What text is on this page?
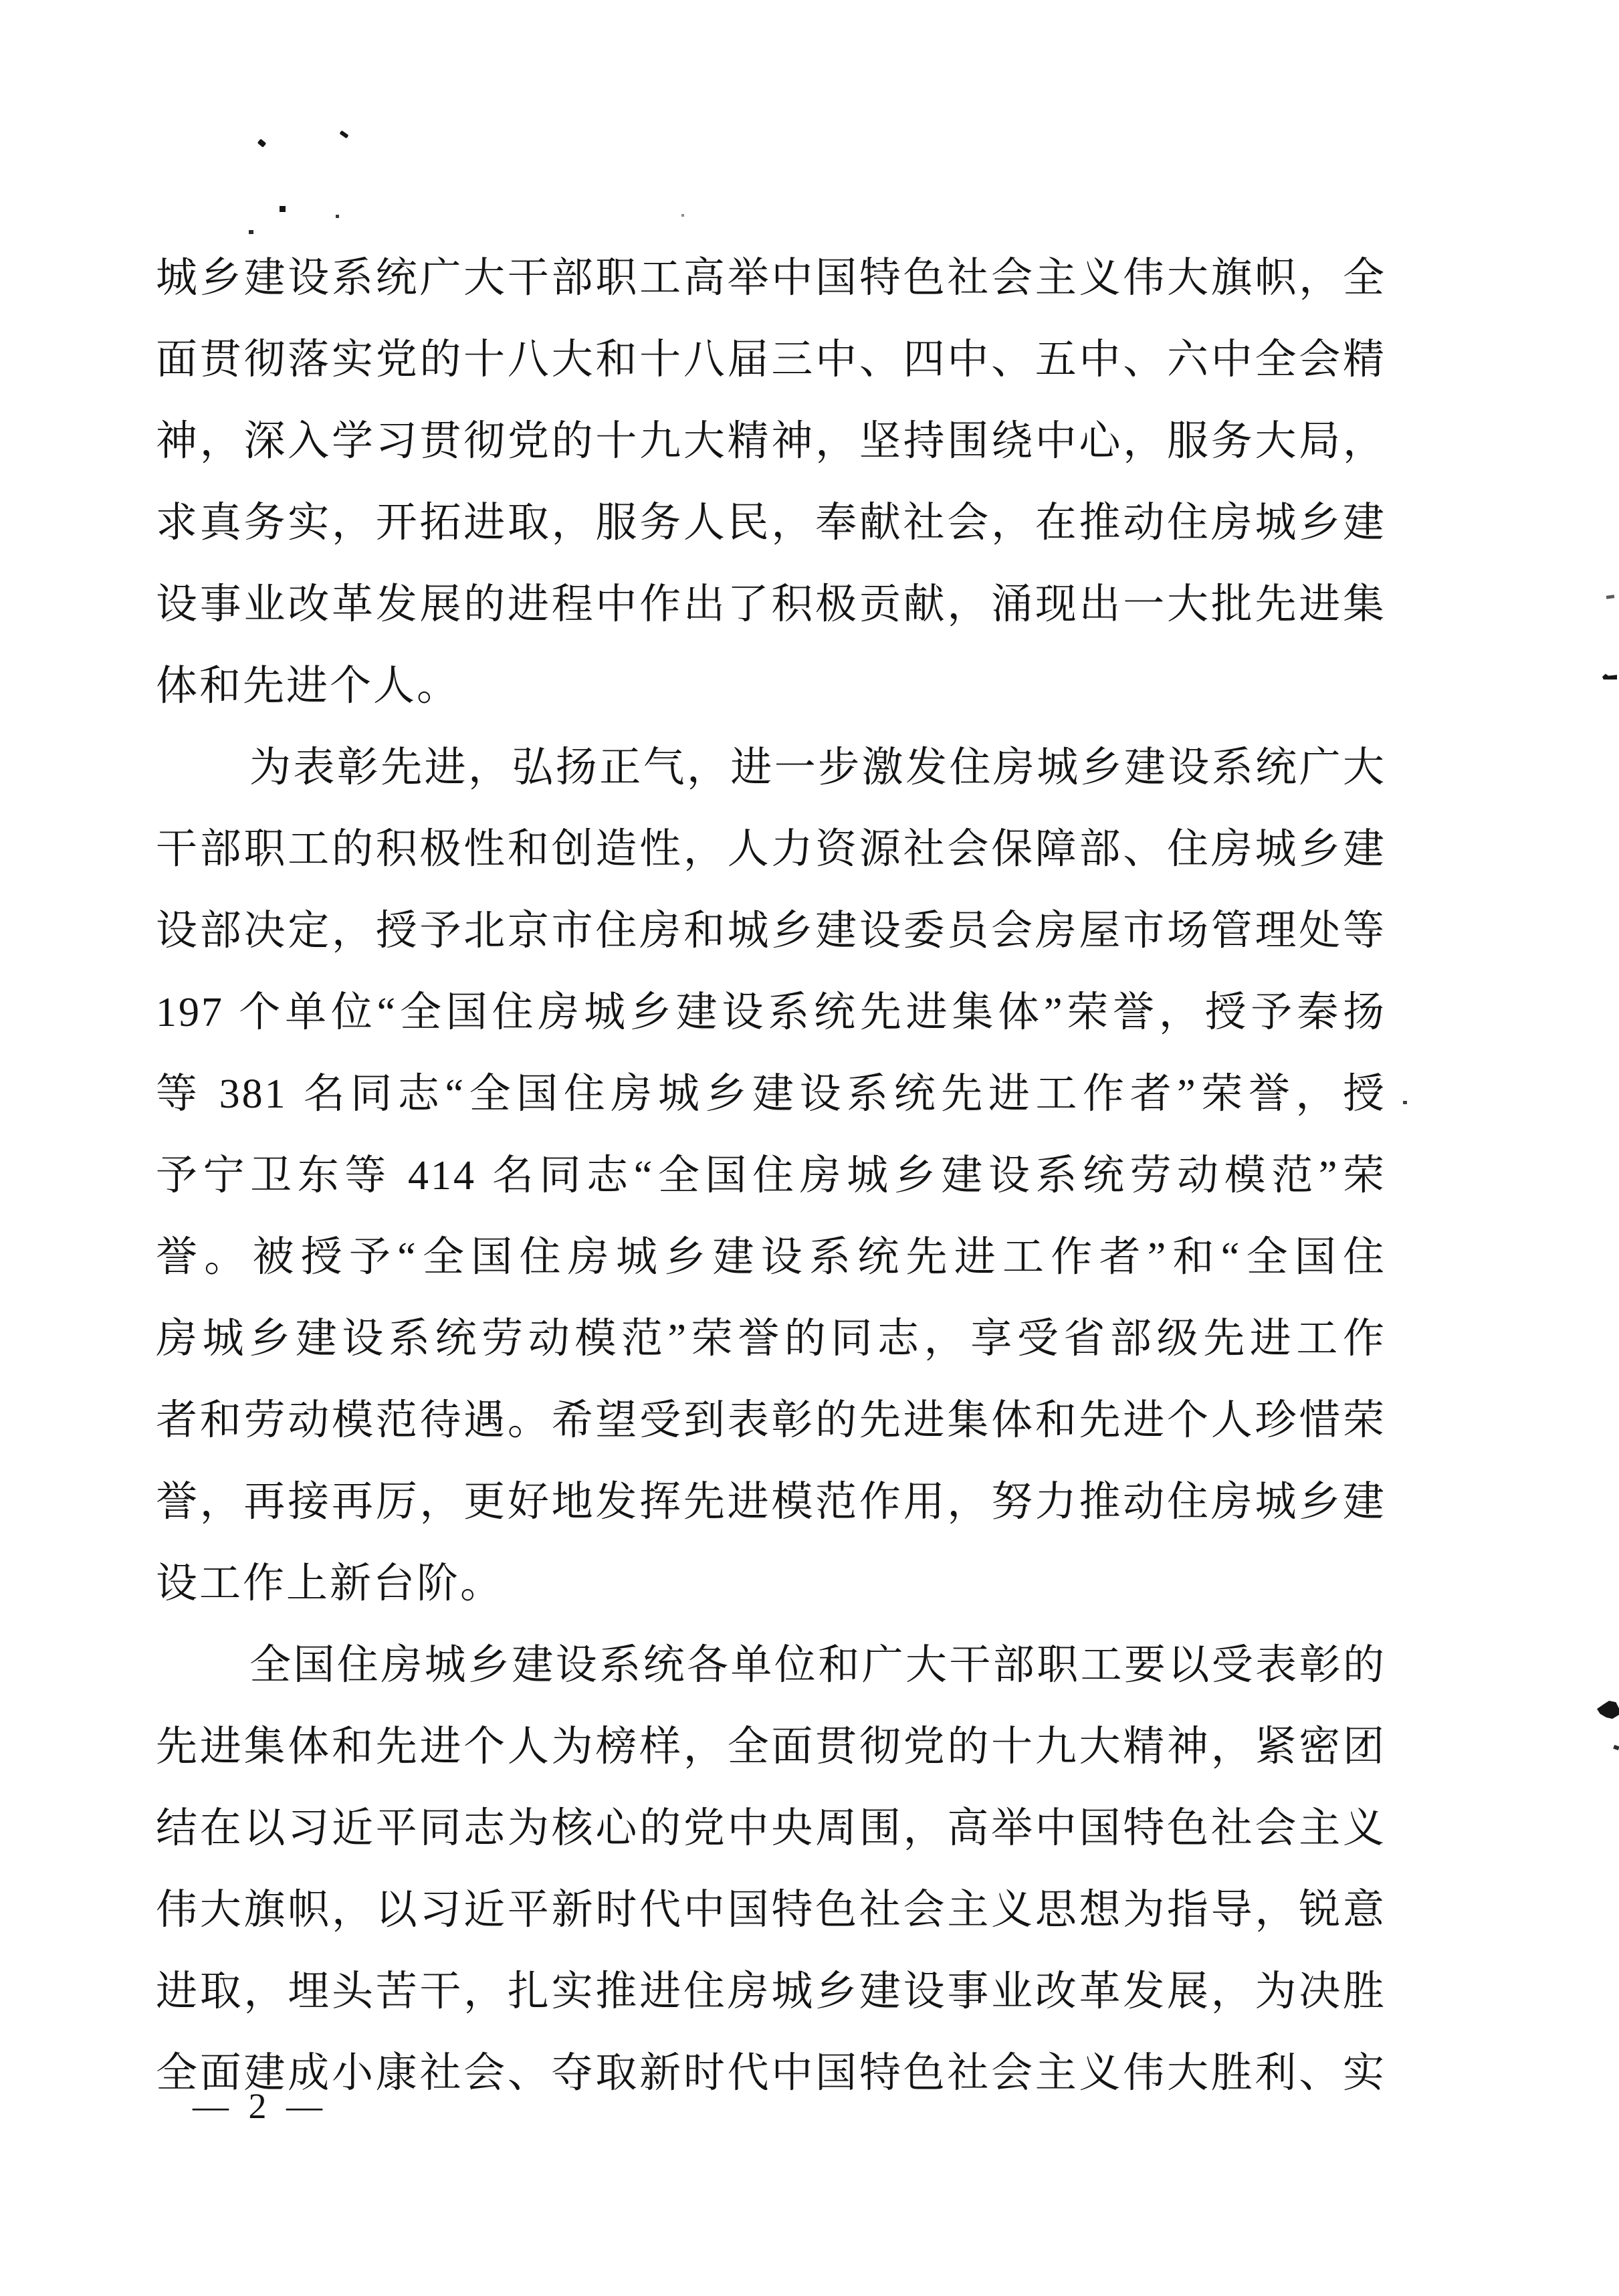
城乡建设系统广大干部职工高举中国特色社会主义伟大旗帜，全
面贯彻落实党的十八大和十八届三中、四中、五中、六中全会精
神，深入学习贯彻党的十九大精神，坚持围绕中心，服务大局，
求真务实，开拓进取，服务人民，奉献社会，在推动住房城乡建
设事业改革发展的进程中作出了积极贡献，涌现出一大批先进集
体和先进个人。
为表彰先进，弘扬正气，进一步激发住房城乡建设系统广大
干部职工的积极性和创造性，人力资源社会保障部、住房城乡建
设部决定，授予北京市住房和城乡建设委员会房屋市场管理处等
197 个单位“全国住房城乡建设系统先进集体”荣誉，授予秦扬
等 381 名同志“全国住房城乡建设系统先进工作者”荣誉，授
予宁卫东等 414 名同志“全国住房城乡建设系统劳动模范”荣
誉。被授予“全国住房城乡建设系统先进工作者”和“全国住
房城乡建设系统劳动模范”荣誉的同志，享受省部级先进工作
者和劳动模范待遇。希望受到表彰的先进集体和先进个人珍惜荣
誉，再接再厉，更好地发挥先进模范作用，努力推动住房城乡建
设工作上新台阶。
全国住房城乡建设系统各单位和广大干部职工要以受表彰的
先进集体和先进个人为榜样，全面贯彻党的十九大精神，紧密团
结在以习近平同志为核心的党中央周围，高举中国特色社会主义
伟大旗帜，以习近平新时代中国特色社会主义思想为指导，锐意
进取，埋头苦干，扎实推进住房城乡建设事业改革发展，为决胜
全面建成小康社会、夺取新时代中国特色社会主义伟大胜利、实
— 2 —
